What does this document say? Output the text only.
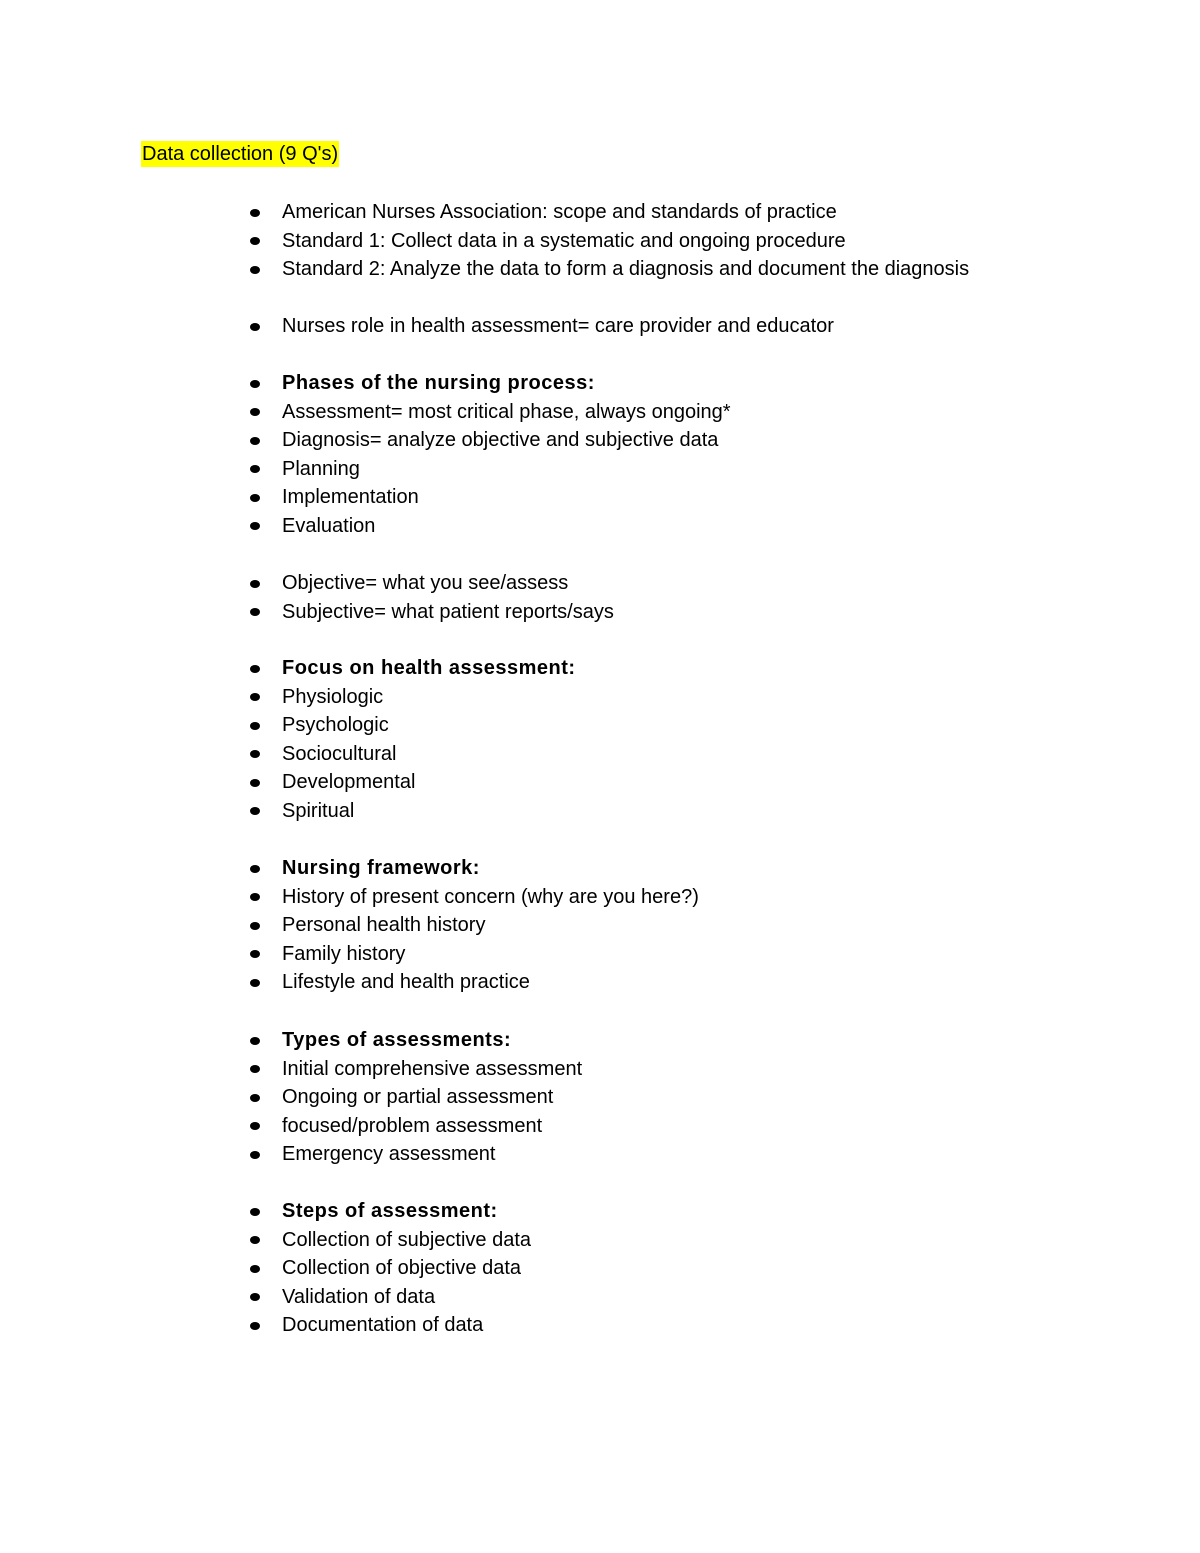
Data collection (9 Q's)
American Nurses Association: scope and standards of practice
Standard 1: Collect data in a systematic and ongoing procedure
Standard 2: Analyze the data to form a diagnosis and document the diagnosis
Nurses role in health assessment= care provider and educator
Phases of the nursing process:
Assessment= most critical phase, always ongoing*
Diagnosis= analyze objective and subjective data
Planning
Implementation
Evaluation
Objective= what you see/assess
Subjective= what patient reports/says
Focus on health assessment:
Physiologic
Psychologic
Sociocultural
Developmental
Spiritual
Nursing framework:
History of present concern (why are you here?)
Personal health history
Family history
Lifestyle and health practice
Types of assessments:
Initial comprehensive assessment
Ongoing or partial assessment
focused/problem assessment
Emergency assessment
Steps of assessment:
Collection of subjective data
Collection of objective data
Validation of data
Documentation of data
